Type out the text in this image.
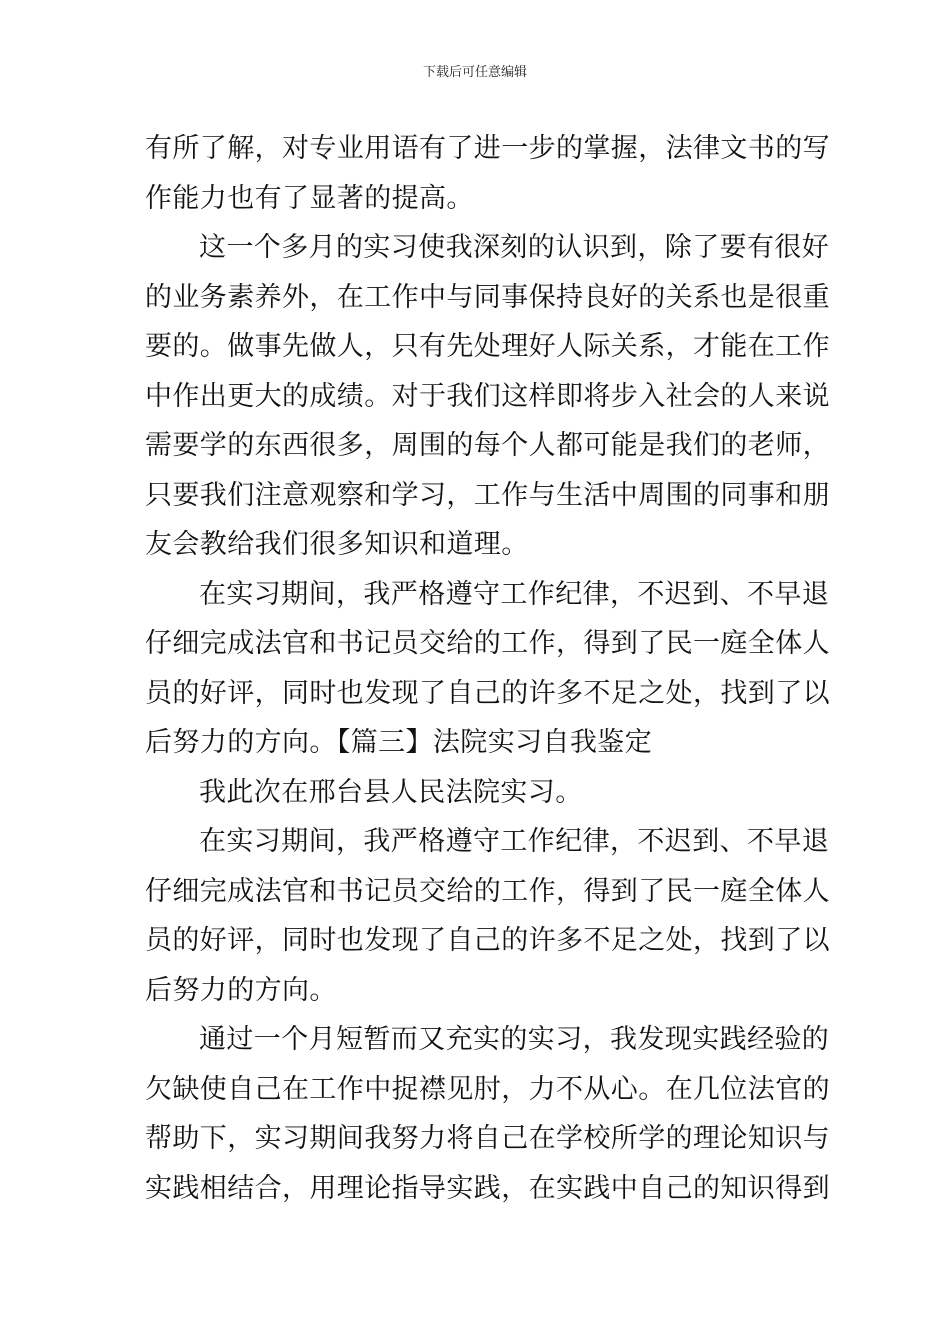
下载后可任意编辑
有所了解，对专业用语有了进一步的掌握，法律文书的写
作能力也有了显著的提高。
这一个多月的实习使我深刻的认识到，除了要有很好
的业务素养外，在工作中与同事保持良好的关系也是很重
要的。做事先做人，只有先处理好人际关系，才能在工作
中作出更大的成绩。对于我们这样即将步入社会的人来说
需要学的东西很多，周围的每个人都可能是我们的老师，
只要我们注意观察和学习，工作与生活中周围的同事和朋
友会教给我们很多知识和道理。
在实习期间，我严格遵守工作纪律，不迟到、不早退
仔细完成法官和书记员交给的工作，得到了民一庭全体人
员的好评，同时也发现了自己的许多不足之处，找到了以
后努力的方向。【篇三】法院实习自我鉴定
我此次在邢台县人民法院实习。
在实习期间，我严格遵守工作纪律，不迟到、不早退
仔细完成法官和书记员交给的工作，得到了民一庭全体人
员的好评，同时也发现了自己的许多不足之处，找到了以
后努力的方向。
通过一个月短暂而又充实的实习，我发现实践经验的
欠缺使自己在工作中捉襟见肘，力不从心。在几位法官的
帮助下，实习期间我努力将自己在学校所学的理论知识与
实践相结合，用理论指导实践，在实践中自己的知识得到
